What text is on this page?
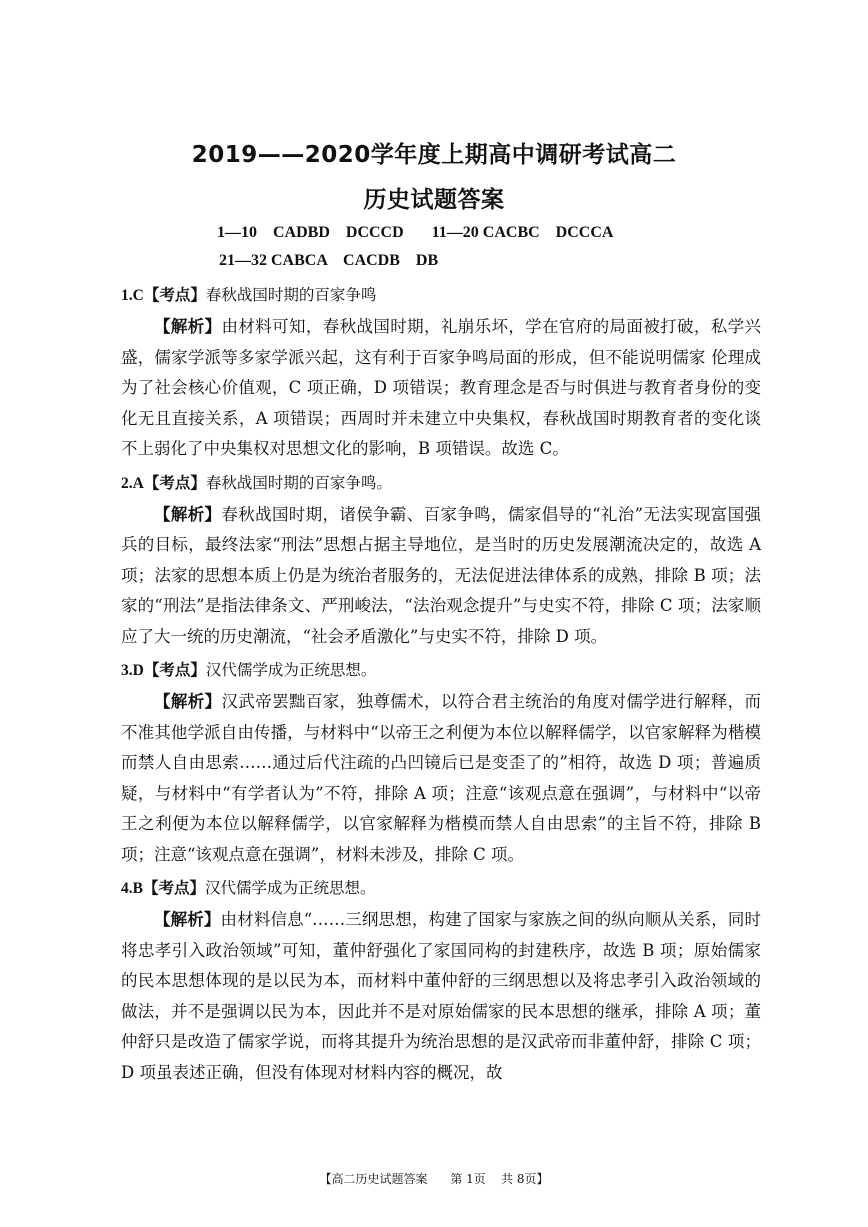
2019——2020学年度上期高中调研考试高二
历史试题答案
1—10    CADBD    DCCCD       11—20 CACBC    DCCCA
21—32 CABCA    CACDB    DB
1.C【考点】春秋战国时期的百家争鸣
【解析】由材料可知，春秋战国时期，礼崩乐坏，学在官府的局面被打破，私学兴盛，儒家学派等多家学派兴起，这有利于百家争鸣局面的形成，但不能说明儒家 伦理成为了社会核心价值观，C 项正确，D 项错误；教育理念是否与时俱进与教育者身份的变化无且直接关系，A 项错误；西周时并未建立中央集权，春秋战国时期教育者的变化谈不上弱化了中央集权对思想文化的影响，B 项错误。故选 C。
2.A【考点】春秋战国时期的百家争鸣。
【解析】春秋战国时期，诸侯争霸、百家争鸣，儒家倡导的“礼治”无法实现富国强兵的目标，最终法家“刑法”思想占据主导地位，是当时的历史发展潮流决定的，故选 A 项；法家的思想本质上仍是为统治者服务的，无法促进法律体系的成熟，排除 B 项；法家的“刑法”是指法律条文、严刑峻法，“法治观念提升”与史实不符，排除 C 项；法家顺应了大一统的历史潮流，“社会矛盾激化”与史实不符，排除 D 项。
3.D【考点】汉代儒学成为正统思想。
【解析】汉武帝罢黜百家，独尊儒术，以符合君主统治的角度对儒学进行解释，而不准其他学派自由传播，与材料中“以帝王之利便为本位以解释儒学，以官家解释为楷模而禁人自由思索……通过后代注疏的凸凹镜后已是变歪了的”相符，故选 D 项；普遍质疑，与材料中“有学者认为”不符，排除 A 项；注意“该观点意在强调”，与材料中“以帝王之利便为本位以解释儒学，以官家解释为楷模而禁人自由思索”的主旨不符，排除 B 项；注意“该观点意在强调”，材料未涉及，排除 C 项。
4.B【考点】汉代儒学成为正统思想。
【解析】由材料信息“……三纲思想，构建了国家与家族之间的纵向顺从关系，同时将忠孝引入政治领域”可知，董仲舒强化了家国同构的封建秩序，故选 B 项；原始儒家的民本思想体现的是以民为本，而材料中董仲舒的三纲思想以及将忠孝引入政治领域的做法，并不是强调以民为本，因此并不是对原始儒家的民本思想的继承，排除 A 项；董仲舒只是改造了儒家学说，而将其提升为统治思想的是汉武帝而非董仲舒，排除 C 项；D 项虽表述正确，但没有体现对材料内容的概况，故
【高二历史试题答案      第 1页    共 8页】
